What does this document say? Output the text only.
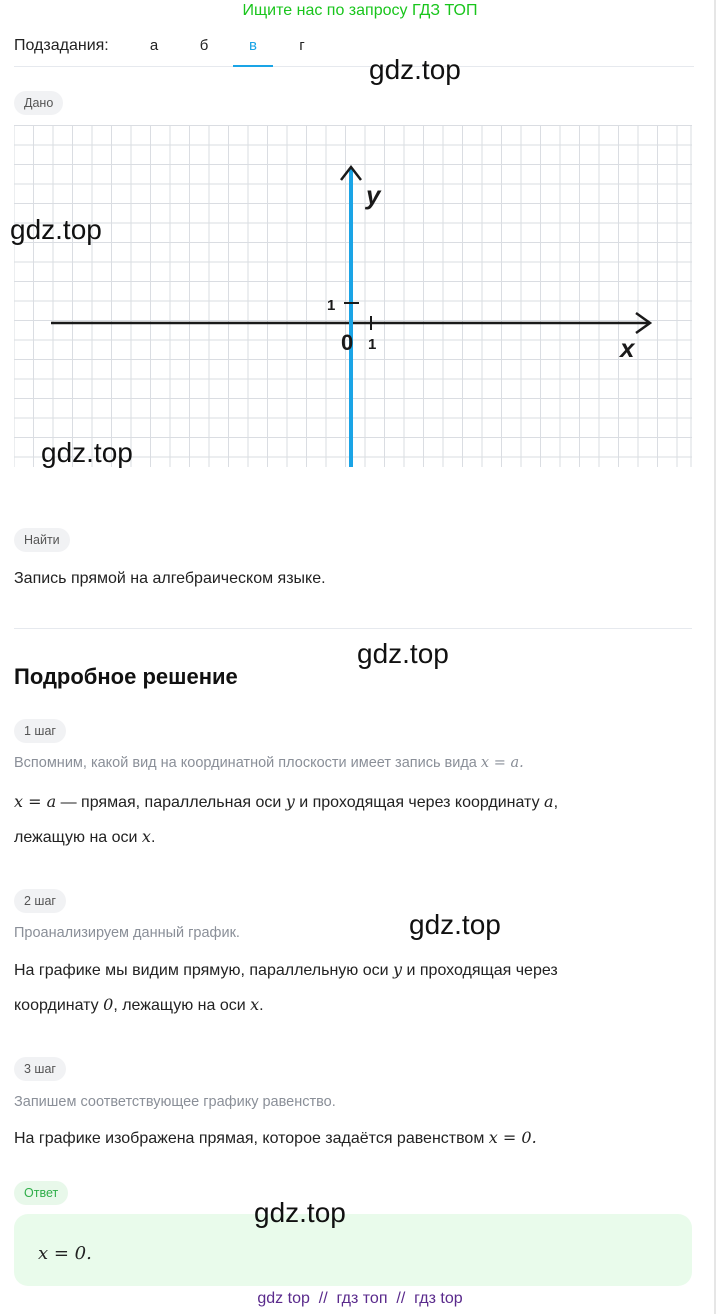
Ищите нас по запросу ГДЗ ТОП
Подзадания:	а	б	в	г
gdz.top
Дано
y
x
0
1
1
gdz.top
gdz.top
Найти
Запись прямой на алгебраическом языке.
gdz.top
Подробное решение
1 шаг
Вспомним, какой вид на координатной плоскости имеет запись вида x = a.
x = a — прямая, параллельная оси y и проходящая через координату a,
лежащую на оси x.
2 шаг
gdz.top
Проанализируем данный график.
На графике мы видим прямую, параллельную оси y и проходящая через
координату 0, лежащую на оси x.
3 шаг
Запишем соответствующее графику равенство.
На графике изображена прямая, которое задаётся равенством x = 0.
Ответ
x = 0.
gdz.top
gdz top  //  гдз топ  //  гдз top
